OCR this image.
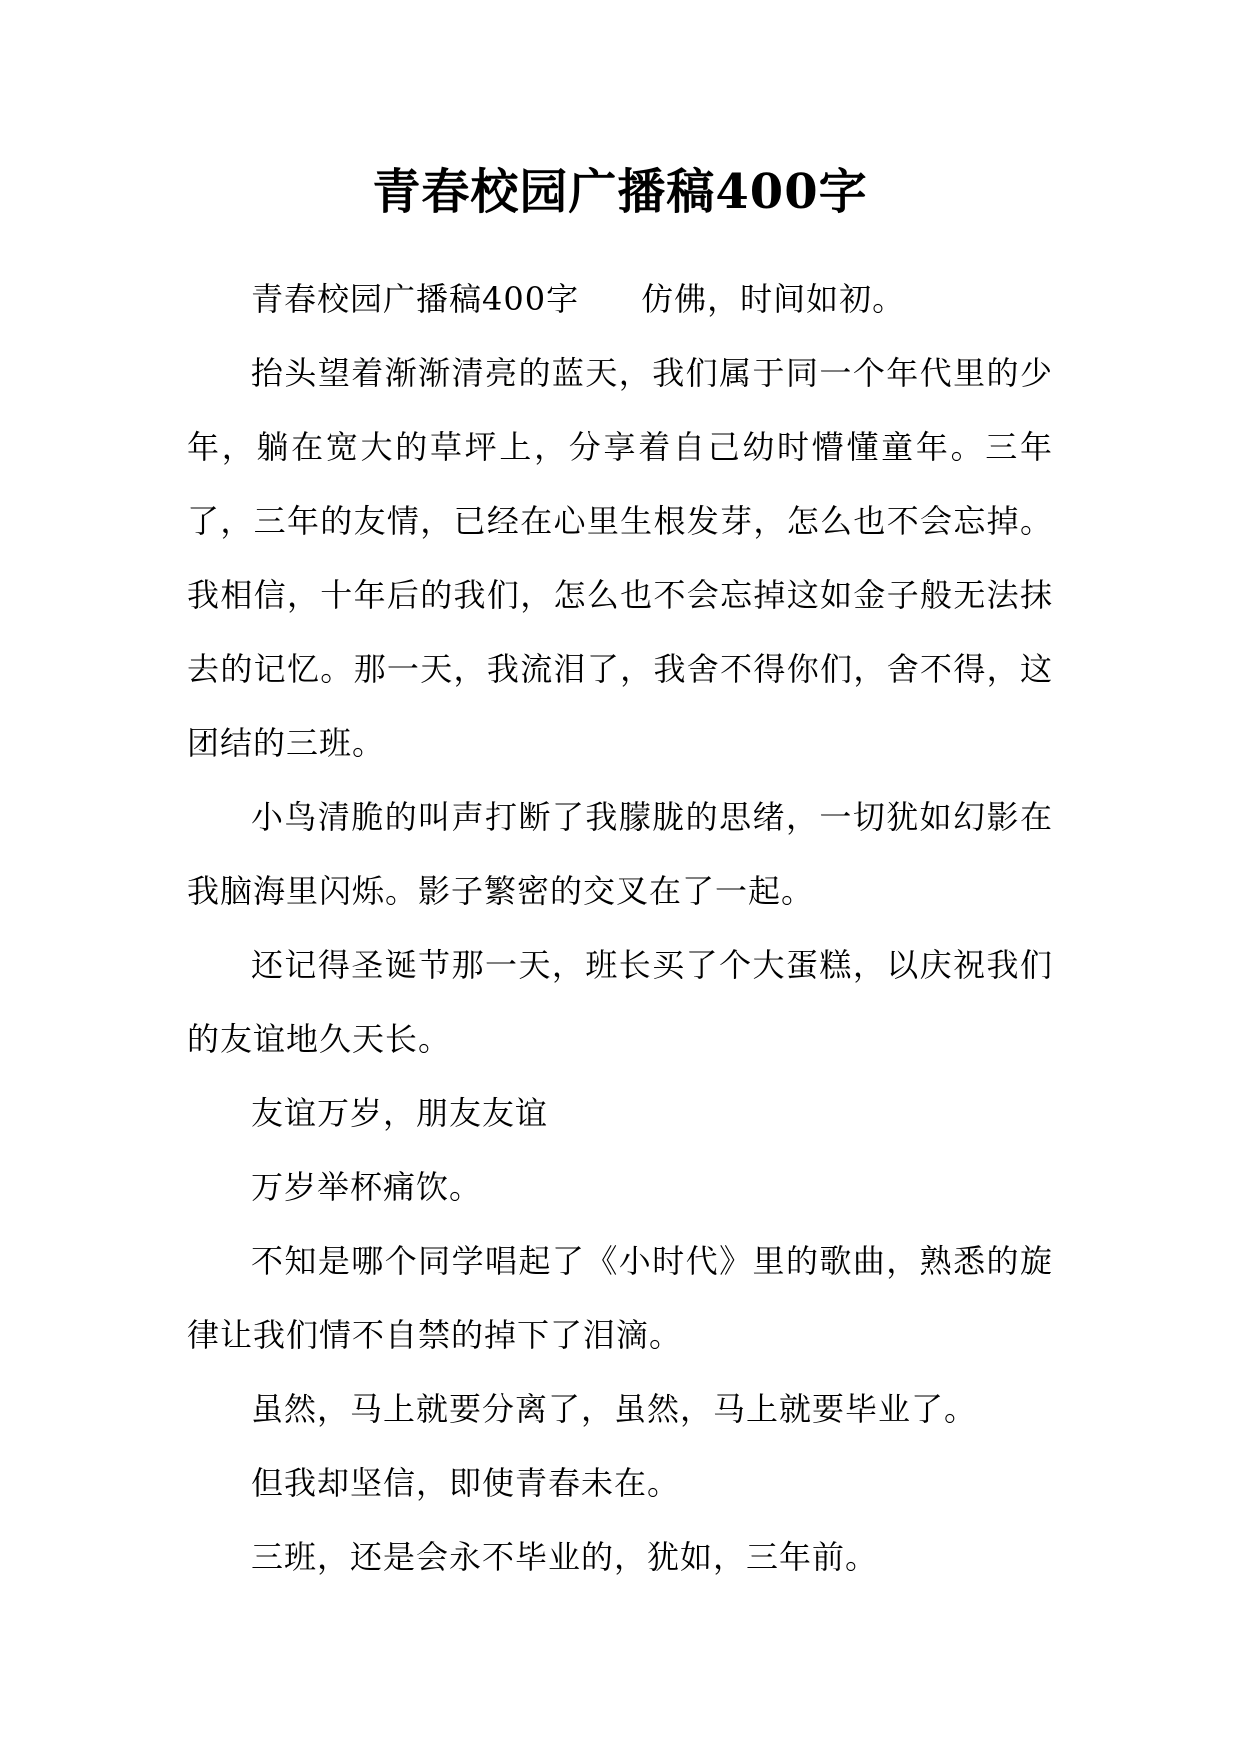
青春校园广播稿400字

青春校园广播稿400字 仿佛，时间如初。

抬头望着渐渐清亮的蓝天，我们属于同一个年代里的少年，躺在宽大的草坪上，分享着自己幼时懵懂童年。三年了，三年的友情，已经在心里生根发芽，怎么也不会忘掉。我相信，十年后的我们，怎么也不会忘掉这如金子般无法抹去的记忆。那一天，我流泪了，我舍不得你们，舍不得，这团结的三班。

小鸟清脆的叫声打断了我朦胧的思绪，一切犹如幻影在我脑海里闪烁。影子繁密的交叉在了一起。

还记得圣诞节那一天，班长买了个大蛋糕，以庆祝我们的友谊地久天长。

友谊万岁，朋友友谊

万岁举杯痛饮。

不知是哪个同学唱起了《小时代》里的歌曲，熟悉的旋律让我们情不自禁的掉下了泪滴。

虽然，马上就要分离了，虽然，马上就要毕业了。

但我却坚信，即使青春未在。

三班，还是会永不毕业的，犹如，三年前。
